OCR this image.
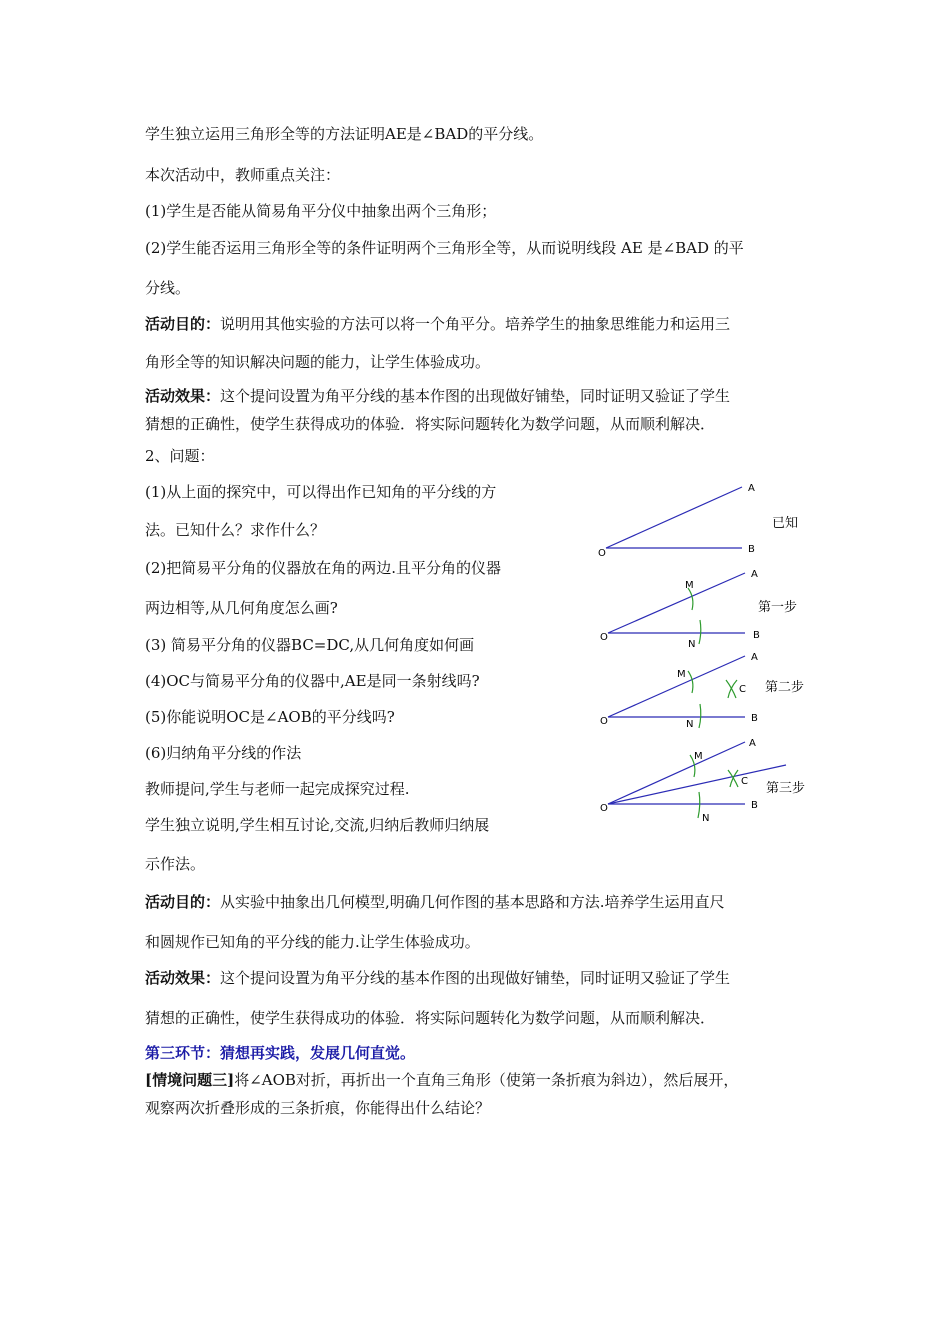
学生独立运用三角形全等的方法证明AE是∠BAD的平分线。
本次活动中，教师重点关注：
(1)学生是否能从简易角平分仪中抽象出两个三角形；
(2)学生能否运用三角形全等的条件证明两个三角形全等，从而说明线段 AE 是∠BAD 的平
分线。
活动目的：说明用其他实验的方法可以将一个角平分。培养学生的抽象思维能力和运用三
角形全等的知识解决问题的能力，让学生体验成功。
活动效果：这个提问设置为角平分线的基本作图的出现做好铺垫，同时证明又验证了学生
猜想的正确性，使学生获得成功的体验．将实际问题转化为数学问题，从而顺利解决．
2、问题：
(1)从上面的探究中，可以得出作已知角的平分线的方
法。已知什么？求作什么？
(2)把简易平分角的仪器放在角的两边.且平分角的仪器
两边相等,从几何角度怎么画?
(3) 简易平分角的仪器BC=DC,从几何角度如何画
(4)OC与简易平分角的仪器中,AE是同一条射线吗?
(5)你能说明OC是∠AOB的平分线吗?
(6)归纳角平分线的作法
教师提问,学生与老师一起完成探究过程.
学生独立说明,学生相互讨论,交流,归纳后教师归纳展
示作法。
活动目的：从实验中抽象出几何模型,明确几何作图的基本思路和方法.培养学生运用直尺
和圆规作已知角的平分线的能力.让学生体验成功。
活动效果：这个提问设置为角平分线的基本作图的出现做好铺垫，同时证明又验证了学生
猜想的正确性，使学生获得成功的体验．将实际问题转化为数学问题，从而顺利解决．
第三环节：猜想再实践，发展几何直觉。
[情境问题三]将∠AOB对折，再折出一个直角三角形（使第一条折痕为斜边），然后展开，
观察两次折叠形成的三条折痕，你能得出什么结论？
O
A
B
已知
O
A
B
M
N
第一步
O
A
B
M
N
C 第二步
O
A
B
M
N
C 第三步
